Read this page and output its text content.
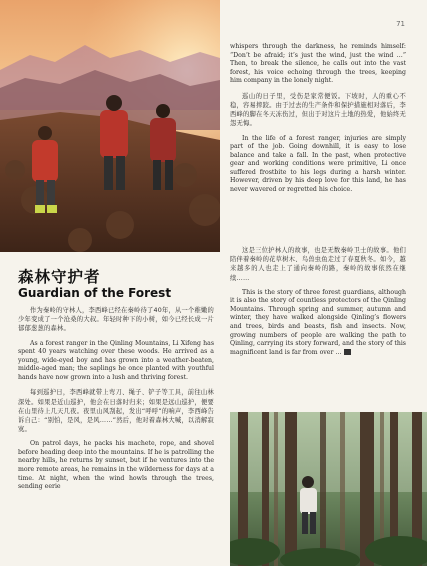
71
森林守护者
Guardian of the Forest

作为秦岭的守林人，李西峰已经在秦岭待了40年，从一个稚嫩的少年变成了一个沧桑的大叔。年轻时种下的小树，如今已经长成一片郁郁葱葱的森林。

As a forest ranger in the Qinling Mountains, Li Xifeng has spent 40 years watching over these woods. He arrived as a young, wide-eyed boy and has grown into a weather-beaten, middle-aged man; the saplings he once planted with youthful hands have now grown into a lush and thriving forest.

每到巡护日，李西峰就带上弯刀、绳子、铲子等工具，前往山林深处。如果是近山巡护，他会在日落时归来；如果是远山巡护，便要在山里待上几天几夜。夜里山风刮起，发出“呼呼”的响声，李西峰告诉自己：“别怕，是风，是风……”然后，他对着森林大喊，以消解寂寞。

On patrol days, he packs his machete, rope, and shovel before heading deep into the mountains. If he is patrolling the nearby hills, he returns by sunset, but if he ventures into the more remote areas, he remains in the wilderness for days at a time. At night, when the wind howls through the trees, sending eerie

whispers through the darkness, he reminds himself: “Don’t be afraid; it’s just the wind, just the wind …” Then, to break the silence, he calls out into the vast forest, his voice echoing through the trees, keeping him company in the lonely night.

巡山的日子里，受伤是家常便饭。下坡时，人的重心不稳，容易摔跤。由于过去的生产条件和保护措施相对落后，李西峰的脚在冬天冻伤过，但出于对这片土地的热爱，他始终无怨无悔。

In the life of a forest ranger, injuries are simply part of the job. Going downhill, it is easy to lose balance and take a fall. In the past, when protective gear and working conditions were primitive, Li once suffered frostbite to his legs during a harsh winter. However, driven by his deep love for this land, he has never wavered or regretted his choice.

这是三位护林人的故事，也是无数秦岭卫士的故事。他们陪伴着秦岭的花草树木、鸟兽虫鱼走过了春夏秋冬。如今，越来越多的人也走上了通向秦岭的路，秦岭的故事依然在继续……

This is the story of three forest guardians, although it is also the story of countless protectors of the Qinling Mountains. Through spring and summer, autumn and winter, they have walked alongside Qinling’s flowers and trees, birds and beasts, fish and insects. Now, growing numbers of people are walking the path to Qinling, carrying its story forward, and the story of this magnificent land is far from over …
